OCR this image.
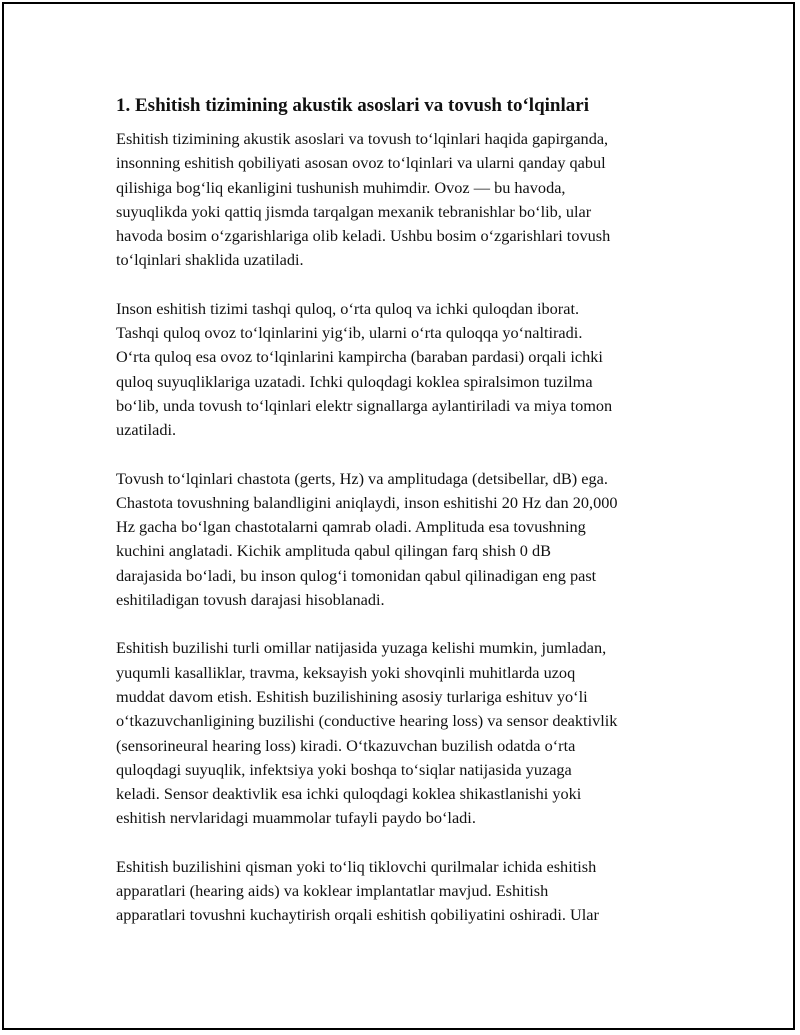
1. Eshitish tizimining akustik asoslari va tovush to‘lqinlari
Eshitish tizimining akustik asoslari va tovush to‘lqinlari haqida gapirganda,
insonning eshitish qobiliyati asosan ovoz to‘lqinlari va ularni qanday qabul
qilishiga bog‘liq ekanligini tushunish muhimdir. Ovoz — bu havoda,
suyuqlikda yoki qattiq jismda tarqalgan mexanik tebranishlar bo‘lib, ular
havoda bosim o‘zgarishlariga olib keladi. Ushbu bosim o‘zgarishlari tovush
to‘lqinlari shaklida uzatiladi.
Inson eshitish tizimi tashqi quloq, o‘rta quloq va ichki quloqdan iborat.
Tashqi quloq ovoz to‘lqinlarini yig‘ib, ularni o‘rta quloqqa yo‘naltiradi.
O‘rta quloq esa ovoz to‘lqinlarini kampircha (baraban pardasi) orqali ichki
quloq suyuqliklariga uzatadi. Ichki quloqdagi koklea spiralsimon tuzilma
bo‘lib, unda tovush to‘lqinlari elektr signallarga aylantiriladi va miya tomon
uzatiladi.
Tovush to‘lqinlari chastota (gerts, Hz) va amplitudaga (detsibellar, dB) ega.
Chastota tovushning balandligini aniqlaydi, inson eshitishi 20 Hz dan 20,000
Hz gacha bo‘lgan chastotalarni qamrab oladi. Amplituda esa tovushning
kuchini anglatadi. Kichik amplituda qabul qilingan farq shish 0 dB
darajasida bo‘ladi, bu inson qulog‘i tomonidan qabul qilinadigan eng past
eshitiladigan tovush darajasi hisoblanadi.
Eshitish buzilishi turli omillar natijasida yuzaga kelishi mumkin, jumladan,
yuqumli kasalliklar, travma, keksayish yoki shovqinli muhitlarda uzoq
muddat davom etish. Eshitish buzilishining asosiy turlariga eshituv yo‘li
o‘tkazuvchanligining buzilishi (conductive hearing loss) va sensor deaktivlik
(sensorineural hearing loss) kiradi. O‘tkazuvchan buzilish odatda o‘rta
quloqdagi suyuqlik, infektsiya yoki boshqa to‘siqlar natijasida yuzaga
keladi. Sensor deaktivlik esa ichki quloqdagi koklea shikastlanishi yoki
eshitish nervlaridagi muammolar tufayli paydo bo‘ladi.
Eshitish buzilishini qisman yoki to‘liq tiklovchi qurilmalar ichida eshitish
apparatlari (hearing aids) va koklear implantatlar mavjud. Eshitish
apparatlari tovushni kuchaytirish orqali eshitish qobiliyatini oshiradi. Ular
